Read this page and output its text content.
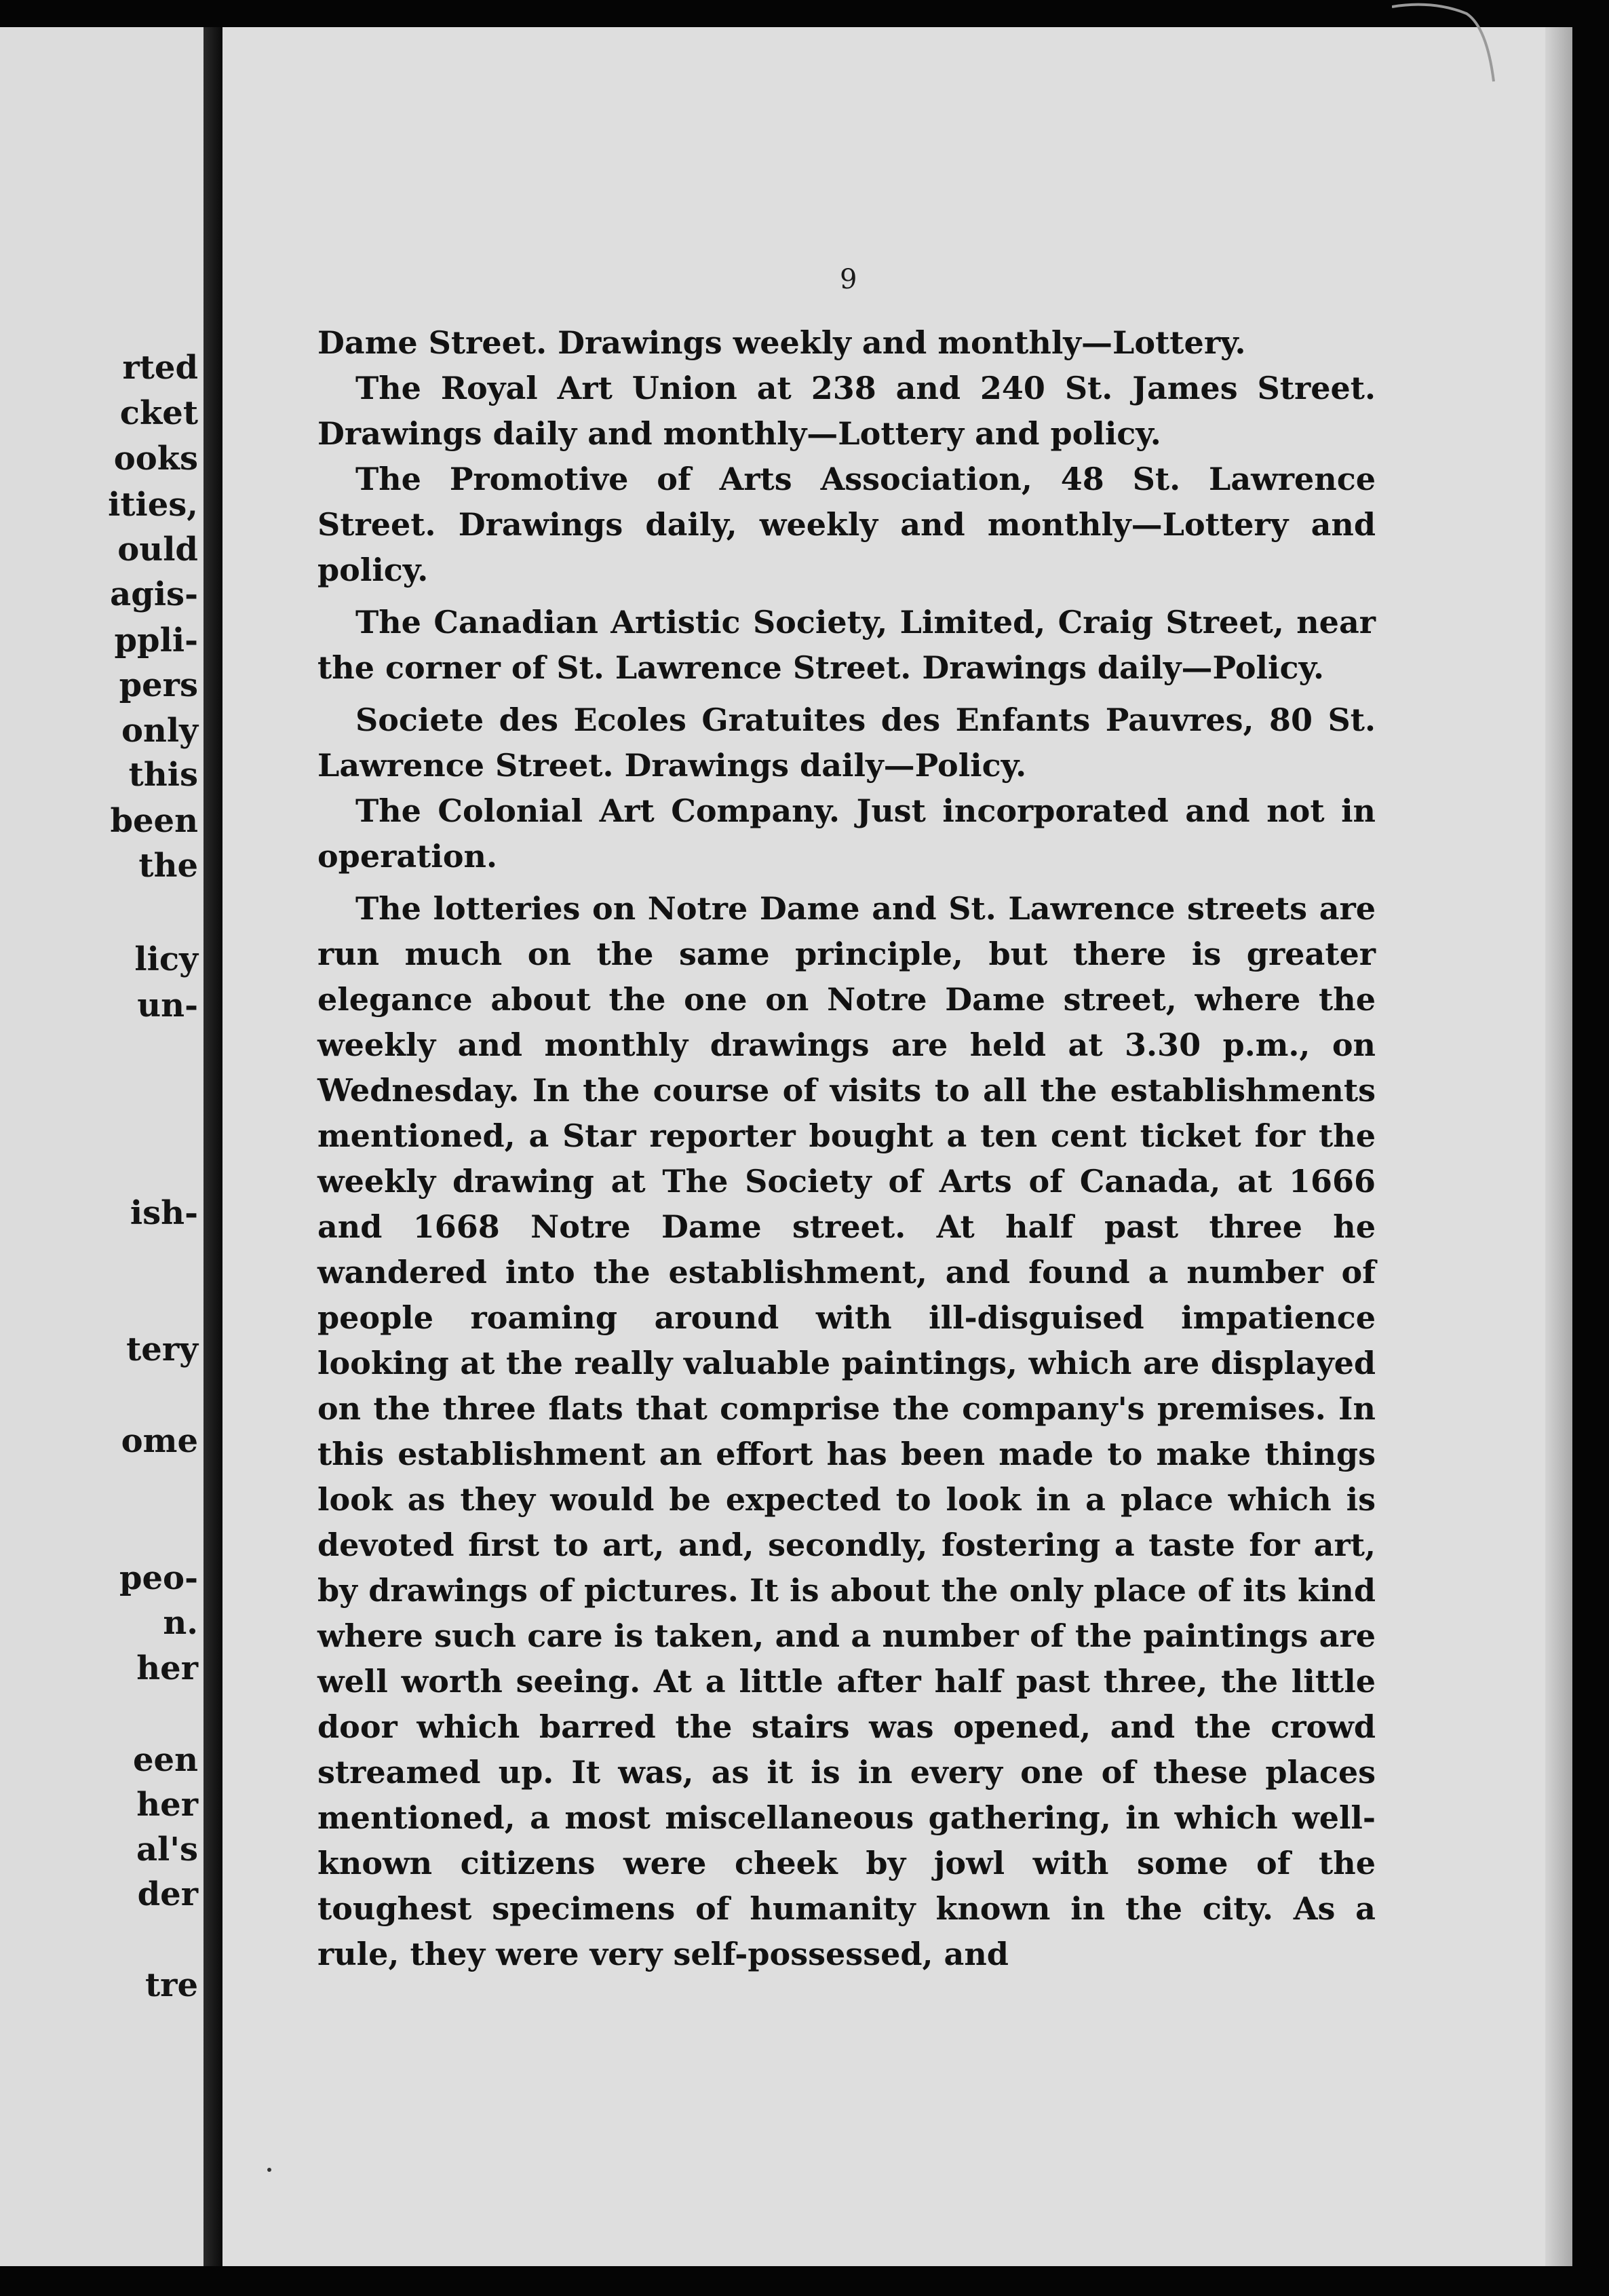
rted
cket
ooks
ities,
ould
agis-
ppli-
pers
only
this
been
the
licy
un-
ish-
tery
ome
peo-
n.
her
een
her
al's
der
tre
9

Dame Street. Drawings weekly and monthly—Lottery.

The Royal Art Union at 238 and 240 St. James Street. Drawings daily and monthly—Lottery and policy.

The Promotive of Arts Association, 48 St. Lawrence Street. Drawings daily, weekly and monthly—Lottery and policy.

The Canadian Artistic Society, Limited, Craig Street, near the corner of St. Lawrence Street. Drawings daily—Policy.

Societe des Ecoles Gratuites des Enfants Pauvres, 80 St. Lawrence Street. Drawings daily—Policy.

The Colonial Art Company. Just incorporated and not in operation.

The lotteries on Notre Dame and St. Lawrence streets are run much on the same principle, but there is greater elegance about the one on Notre Dame street, where the weekly and monthly drawings are held at 3.30 p.m., on Wednesday. In the course of visits to all the establishments mentioned, a Star reporter bought a ten cent ticket for the weekly drawing at The Society of Arts of Canada, at 1666 and 1668 Notre Dame street. At half past three he wandered into the establishment, and found a number of people roaming around with ill-disguised impatience looking at the really valuable paintings, which are displayed on the three flats that comprise the company's premises. In this establishment an effort has been made to make things look as they would be expected to look in a place which is devoted first to art, and, secondly, fostering a taste for art, by drawings of pictures. It is about the only place of its kind where such care is taken, and a number of the paintings are well worth seeing. At a little after half past three, the little door which barred the stairs was opened, and the crowd streamed up. It was, as it is in every one of these places mentioned, a most miscellaneous gathering, in which well-known citizens were cheek by jowl with some of the toughest specimens of humanity known in the city. As a rule, they were very self-possessed, and
